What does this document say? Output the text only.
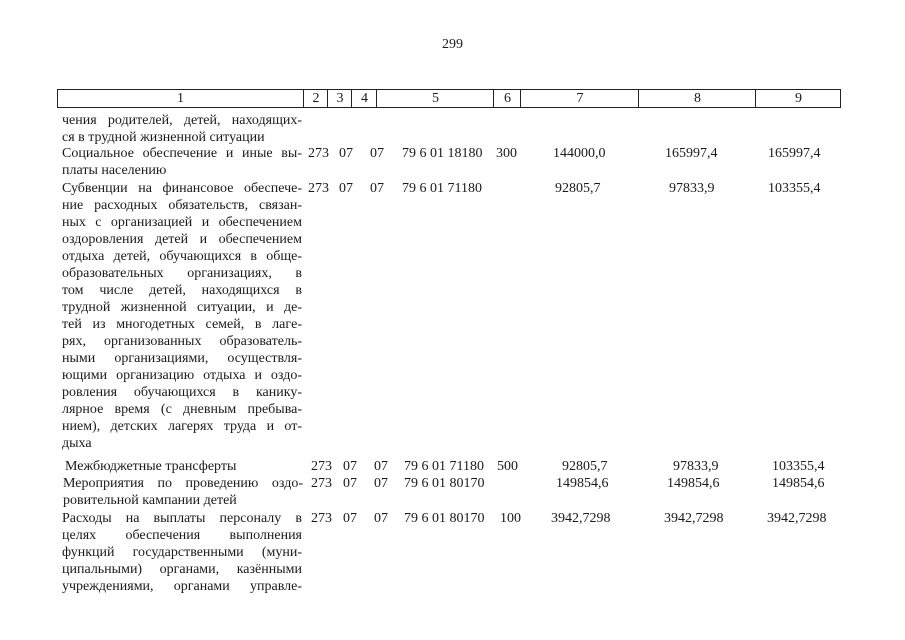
299
1	2	3	4	5	6	7	8	9
чения родителей, детей, находящих-
ся в трудной жизненной ситуации
Социальное обеспечение и иные вы-
платы населению
273 07 07 79 6 01 18180 300	144000,0	165997,4	165997,4
Субвенции на финансовое обеспече-
ние расходных обязательств, связан-
ных с организацией и обеспечением
оздоровления детей и обеспечением
отдыха детей, обучающихся в обще-
образовательных организациях, в
том числе детей, находящихся в
трудной жизненной ситуации, и де-
тей из многодетных семей, в лагe-
рях, организованных образователь-
ными организациями, осуществля-
ющими организацию отдыха и оздо-
ровления обучающихся в канику-
лярное время (с дневным пребыва-
нием), детских лагерях труда и от-
дыха
273 07 07 79 6 01 71180	92805,7	97833,9	103355,4
Межбюджетные трансферты	273 07 07 79 6 01 71180 500	92805,7	97833,9	103355,4
Мероприятия по проведению оздо-
ровительной кампании детей
273 07 07 79 6 01 80170	149854,6	149854,6	149854,6
Расходы на выплаты персоналу в
целях обеспечения выполнения
функций государственными (муни-
ципальными) органами, казёнными
учреждениями, органами управле-
273 07 07 79 6 01 80170 100 3942,7298	3942,7298	3942,7298
